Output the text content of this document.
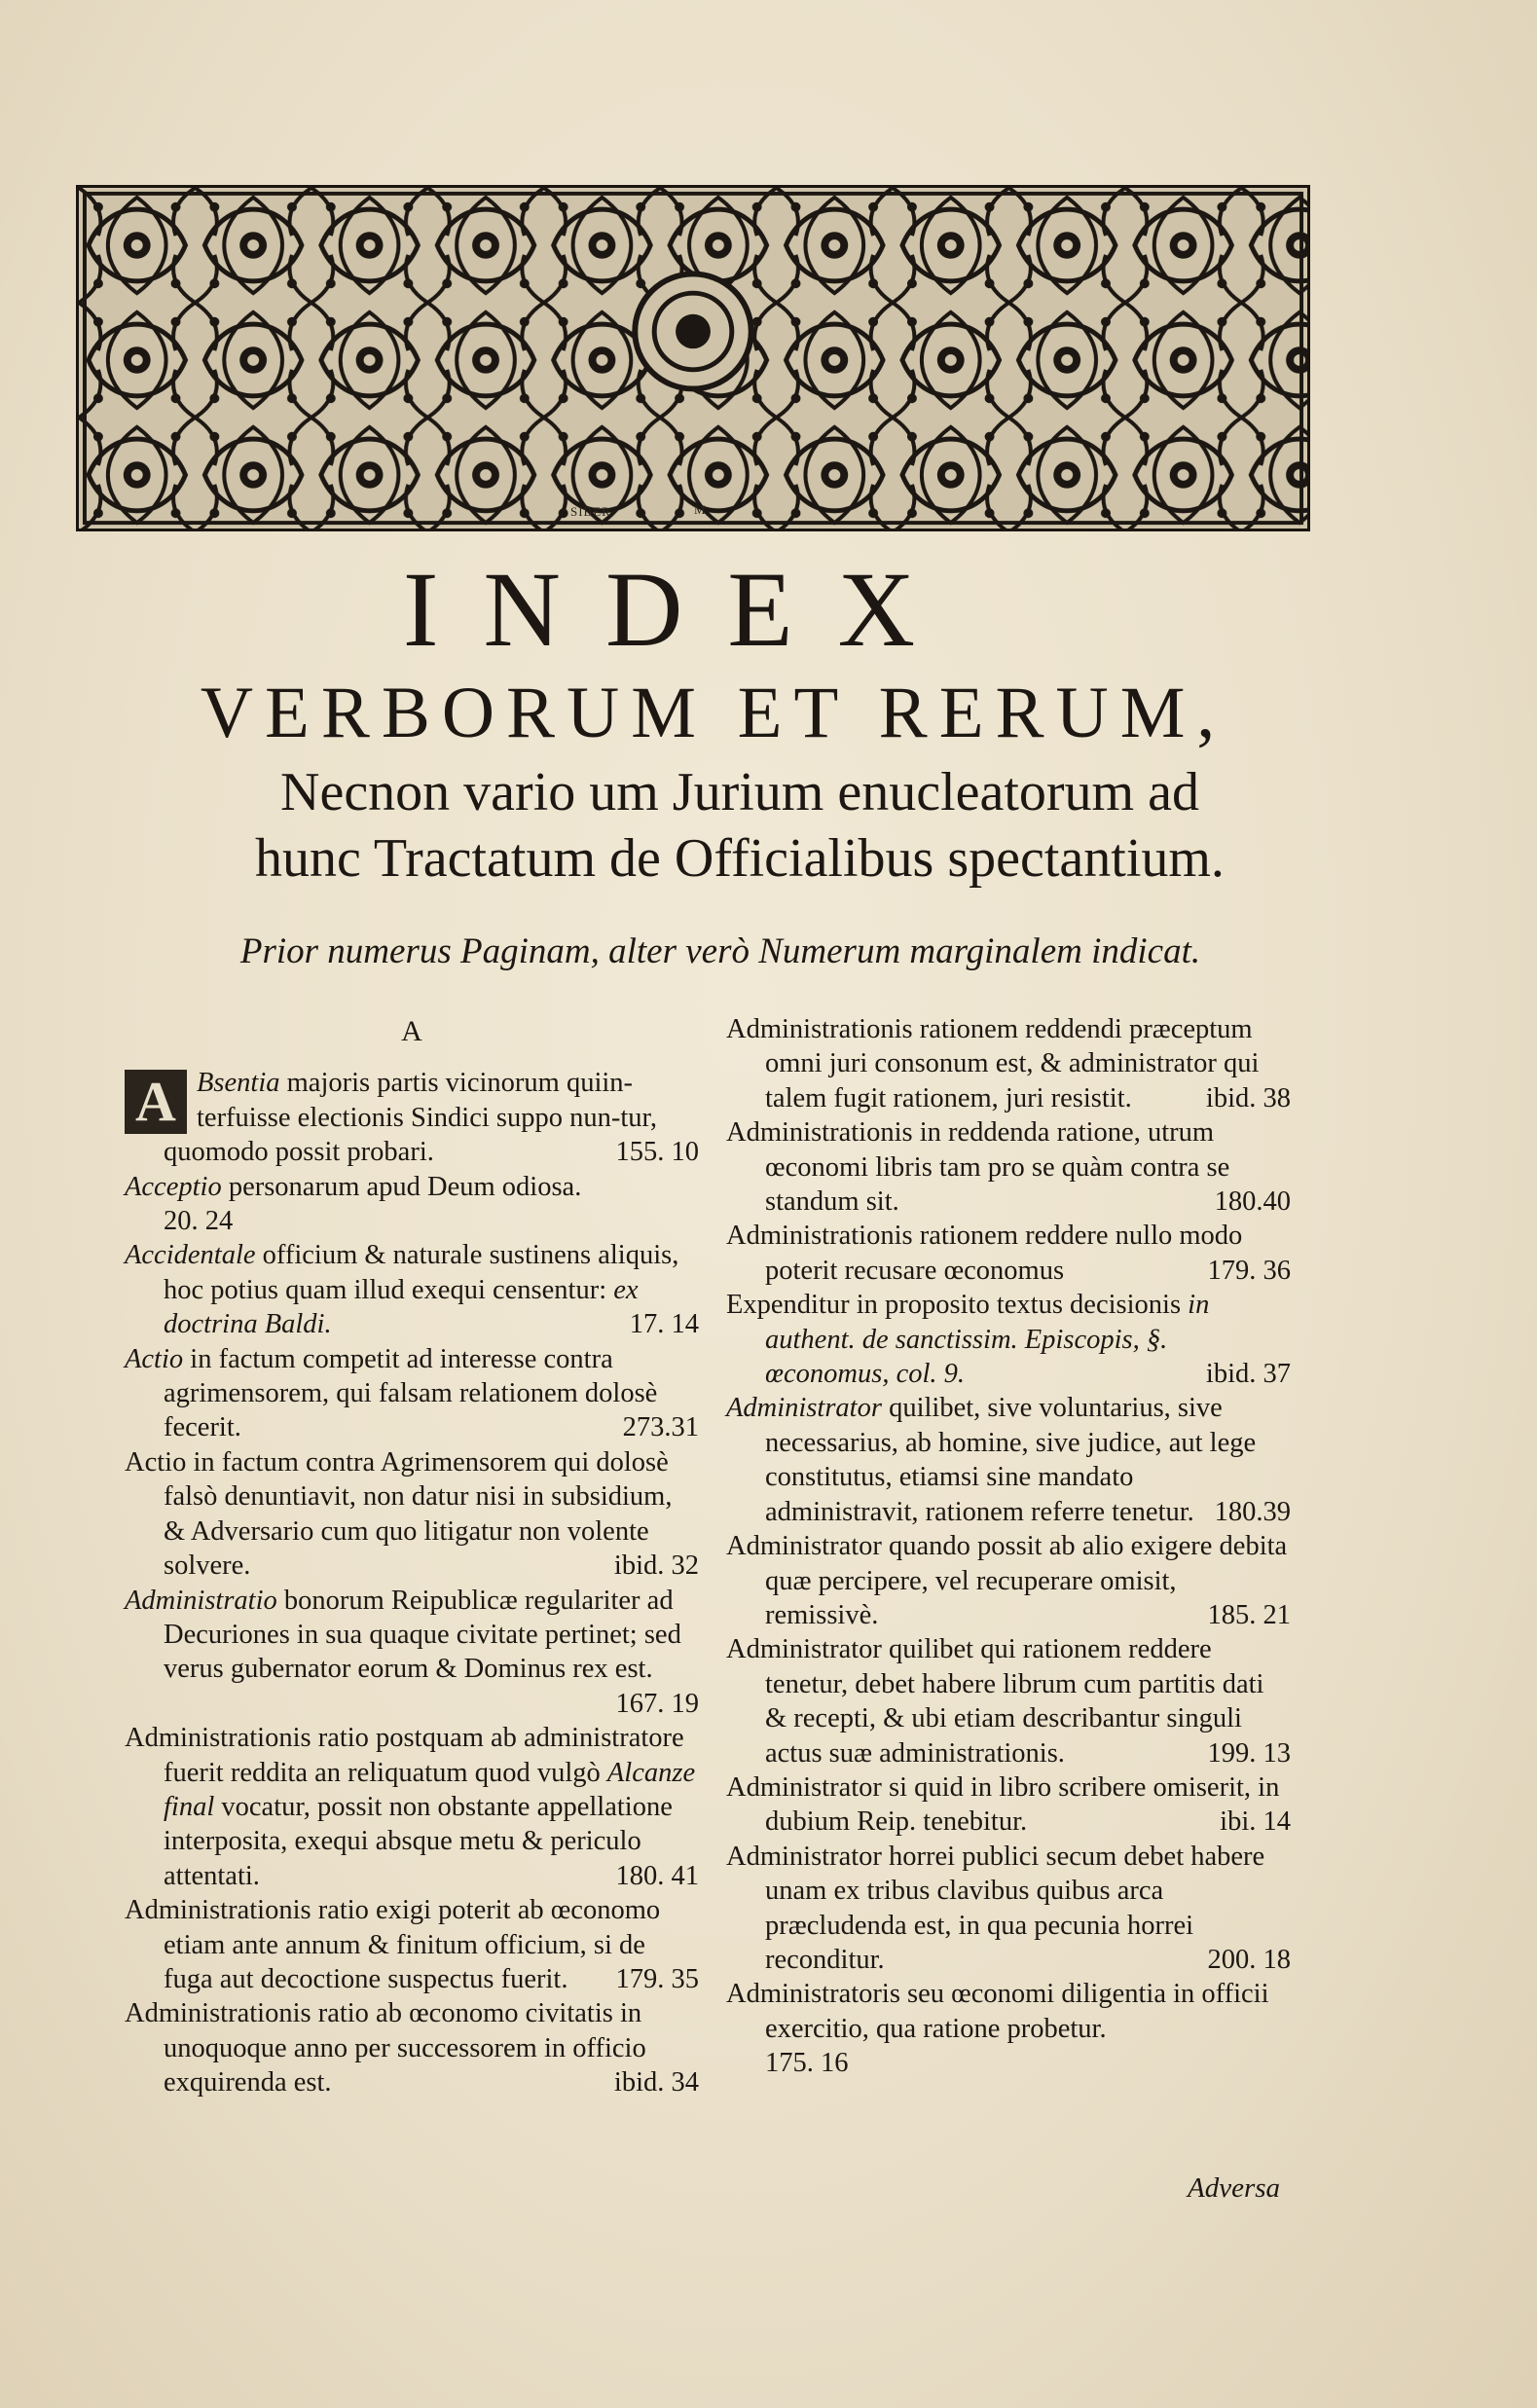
SIBER	M
INDEX
VERBORUM ET RERUM,
Necnon vario um Jurium enucleatorum ad
hunc Tractatum de Officialibus spectantium.
Prior numerus Paginam, alter verò Numerum marginalem indicat.
A

A Bsentia majoris partis vicinorum quiin-terfuisse electionis Sindici suppo nun-tur, quomodo possit probari.	155. 10

Acceptio personarum apud Deum odiosa.
20. 24

Accidentale officium & naturale sustinens aliquis, hoc potius quam illud exequi censentur: ex doctrina Baldi.	17. 14

Actio in factum competit ad interesse contra agrimensorem, qui falsam relationem dolosè fecerit.	273.31

Actio in factum contra Agrimensorem qui dolosè falsò denuntiavit, non datur nisi in subsidium, & Adversario cum quo litigatur non volente solvere.	ibid. 32

Administratio bonorum Reipublicæ regulariter ad Decuriones in sua quaque civitate pertinet; sed verus gubernator eorum & Dominus rex est.
167. 19

Administrationis ratio postquam ab administratore fuerit reddita an reliquatum quod vulgò Alcanze final vocatur, possit non obstante appellatione interposita, exequi absque metu & periculo attentati.	180. 41

Administrationis ratio exigi poterit ab œconomo etiam ante annum & finitum officium, si de fuga aut decoctione suspectus fuerit.	179. 35

Administrationis ratio ab œconomo civitatis in unoquoque anno per successorem in officio exquirenda est.	ibid. 34

Administrationis rationem reddendi præceptum omni juri consonum est, & administrator qui talem fugit rationem, juri resistit.	ibid. 38

Administrationis in reddenda ratione, utrum œconomi libris tam pro se quàm contra se standum sit.	180.40

Administrationis rationem reddere nullo modo poterit recusare œconomus	179. 36

Expenditur in proposito textus decisionis in authent. de sanctissim. Episcopis, §. œconomus, col. 9.	ibid. 37

Administrator quilibet, sive voluntarius, sive necessarius, ab homine, sive judice, aut lege constitutus, etiamsi sine mandato administravit, rationem referre tenetur. 180.39

Administrator quando possit ab alio exigere debita quæ percipere, vel recuperare omisit, remissivè.	185. 21

Administrator quilibet qui rationem reddere tenetur, debet habere librum cum partitis dati & recepti, & ubi etiam describantur singuli actus suæ administrationis.	199. 13

Administrator si quid in libro scribere omiserit, in dubium Reip. tenebitur.	ibi. 14

Administrator horrei publici secum debet habere unam ex tribus clavibus quibus arca præcludenda est, in qua pecunia horrei reconditur.	200. 18

Administratoris seu œconomi diligentia in officii exercitio, qua ratione probetur.
175. 16

Adversa
